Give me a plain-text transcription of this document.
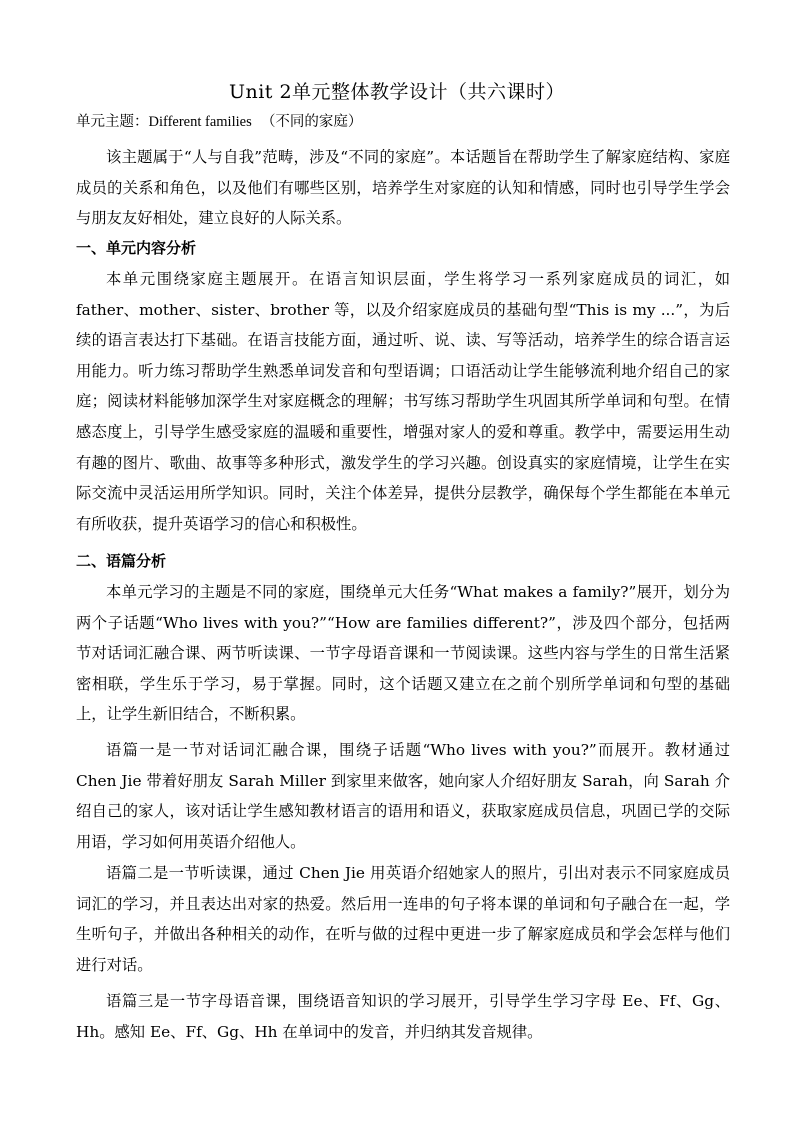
Unit 2单元整体教学设计（共六课时）
单元主题：Different families （不同的家庭）

该主题属于“人与自我”范畴，涉及“不同的家庭”。本话题旨在帮助学生了解家庭结构、家庭成员的关系和角色，以及他们有哪些区别，培养学生对家庭的认知和情感，同时也引导学生学会与朋友友好相处，建立良好的人际关系。

一、单元内容分析

本单元围绕家庭主题展开。在语言知识层面，学生将学习一系列家庭成员的词汇，如 father、mother、sister、brother 等，以及介绍家庭成员的基础句型“This is my ...”，为后续的语言表达打下基础。在语言技能方面，通过听、说、读、写等活动，培养学生的综合语言运用能力。听力练习帮助学生熟悉单词发音和句型语调；口语活动让学生能够流利地介绍自己的家庭；阅读材料能够加深学生对家庭概念的理解；书写练习帮助学生巩固其所学单词和句型。在情感态度上，引导学生感受家庭的温暖和重要性，增强对家人的爱和尊重。教学中，需要运用生动有趣的图片、歌曲、故事等多种形式，激发学生的学习兴趣。创设真实的家庭情境，让学生在实际交流中灵活运用所学知识。同时，关注个体差异，提供分层教学，确保每个学生都能在本单元有所收获，提升英语学习的信心和积极性。

二、语篇分析

本单元学习的主题是不同的家庭，围绕单元大任务“What makes a family?”展开，划分为两个子话题“Who lives with you?”“How are families different?”，涉及四个部分，包括两节对话词汇融合课、两节听读课、一节字母语音课和一节阅读课。这些内容与学生的日常生活紧密相联，学生乐于学习，易于掌握。同时，这个话题又建立在之前个别所学单词和句型的基础上，让学生新旧结合，不断积累。

语篇一是一节对话词汇融合课，围绕子话题“Who lives with you?”而展开。教材通过 Chen Jie 带着好朋友 Sarah Miller 到家里来做客，她向家人介绍好朋友 Sarah，向 Sarah 介绍自己的家人，该对话让学生感知教材语言的语用和语义，获取家庭成员信息，巩固已学的交际用语，学习如何用英语介绍他人。

语篇二是一节听读课，通过 Chen Jie 用英语介绍她家人的照片，引出对表示不同家庭成员词汇的学习，并且表达出对家的热爱。然后用一连串的句子将本课的单词和句子融合在一起，学生听句子，并做出各种相关的动作，在听与做的过程中更进一步了解家庭成员和学会怎样与他们进行对话。

语篇三是一节字母语音课，围绕语音知识的学习展开，引导学生学习字母 Ee、Ff、Gg、Hh。感知 Ee、Ff、Gg、Hh 在单词中的发音，并归纳其发音规律。
